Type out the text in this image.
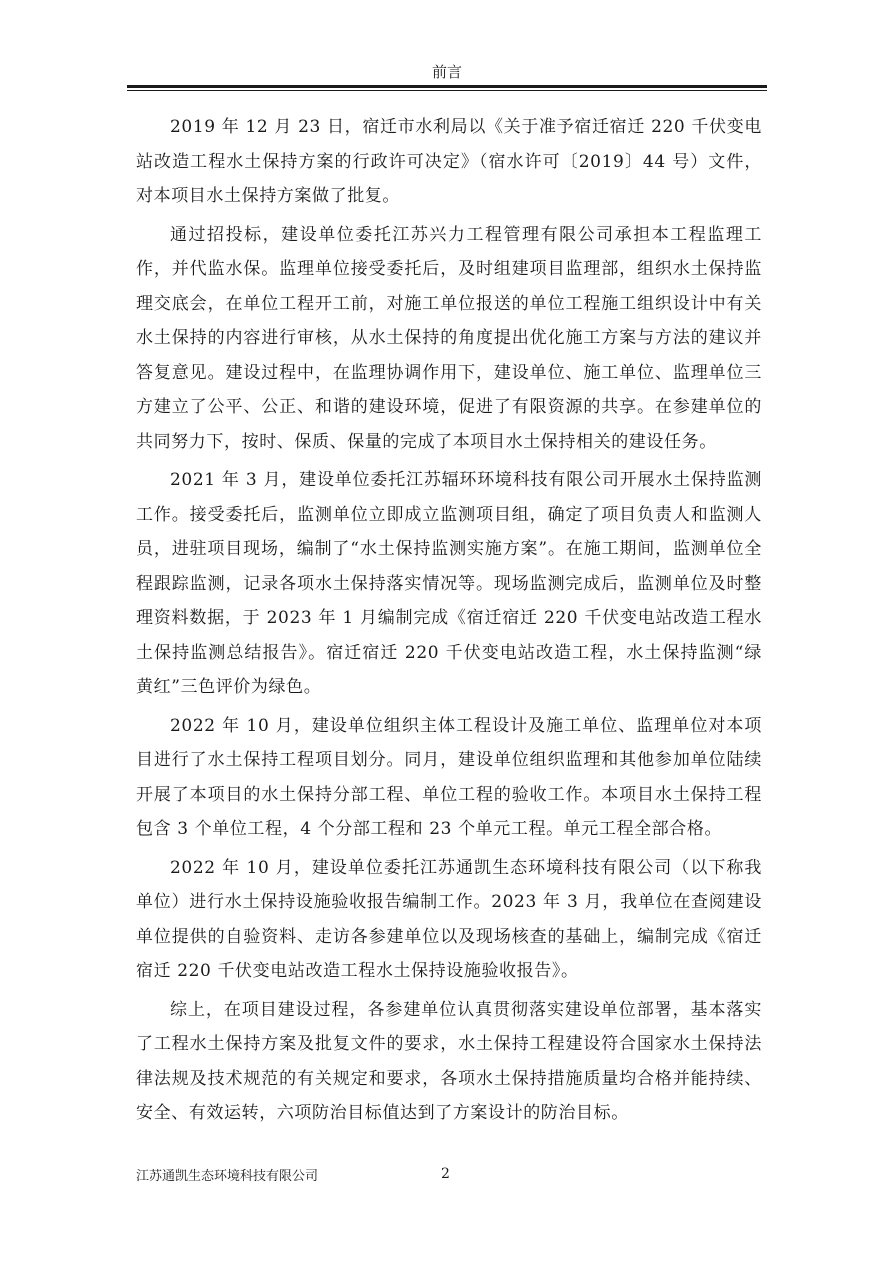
前言

2019 年 12 月 23 日，宿迁市水利局以《关于准予宿迁宿迁 220 千伏变电站改造工程水土保持方案的行政许可决定》（宿水许可〔2019〕44 号）文件，对本项目水土保持方案做了批复。

通过招投标，建设单位委托江苏兴力工程管理有限公司承担本工程监理工作，并代监水保。监理单位接受委托后，及时组建项目监理部，组织水土保持监理交底会，在单位工程开工前，对施工单位报送的单位工程施工组织设计中有关水土保持的内容进行审核，从水土保持的角度提出优化施工方案与方法的建议并答复意见。建设过程中，在监理协调作用下，建设单位、施工单位、监理单位三方建立了公平、公正、和谐的建设环境，促进了有限资源的共享。在参建单位的共同努力下，按时、保质、保量的完成了本项目水土保持相关的建设任务。

2021 年 3 月，建设单位委托江苏辐环环境科技有限公司开展水土保持监测工作。接受委托后，监测单位立即成立监测项目组，确定了项目负责人和监测人员，进驻项目现场，编制了“水土保持监测实施方案”。在施工期间，监测单位全程跟踪监测，记录各项水土保持落实情况等。现场监测完成后，监测单位及时整理资料数据，于 2023 年 1 月编制完成《宿迁宿迁 220 千伏变电站改造工程水土保持监测总结报告》。宿迁宿迁 220 千伏变电站改造工程，水土保持监测“绿黄红”三色评价为绿色。

2022 年 10 月，建设单位组织主体工程设计及施工单位、监理单位对本项目进行了水土保持工程项目划分。同月，建设单位组织监理和其他参加单位陆续开展了本项目的水土保持分部工程、单位工程的验收工作。本项目水土保持工程包含 3 个单位工程，4 个分部工程和 23 个单元工程。单元工程全部合格。

2022 年 10 月，建设单位委托江苏通凯生态环境科技有限公司（以下称我单位）进行水土保持设施验收报告编制工作。2023 年 3 月，我单位在查阅建设单位提供的自验资料、走访各参建单位以及现场核查的基础上，编制完成《宿迁宿迁 220 千伏变电站改造工程水土保持设施验收报告》。

综上，在项目建设过程，各参建单位认真贯彻落实建设单位部署，基本落实了工程水土保持方案及批复文件的要求，水土保持工程建设符合国家水土保持法律法规及技术规范的有关规定和要求，各项水土保持措施质量均合格并能持续、安全、有效运转，六项防治目标值达到了方案设计的防治目标。

江苏通凯生态环境科技有限公司	2
